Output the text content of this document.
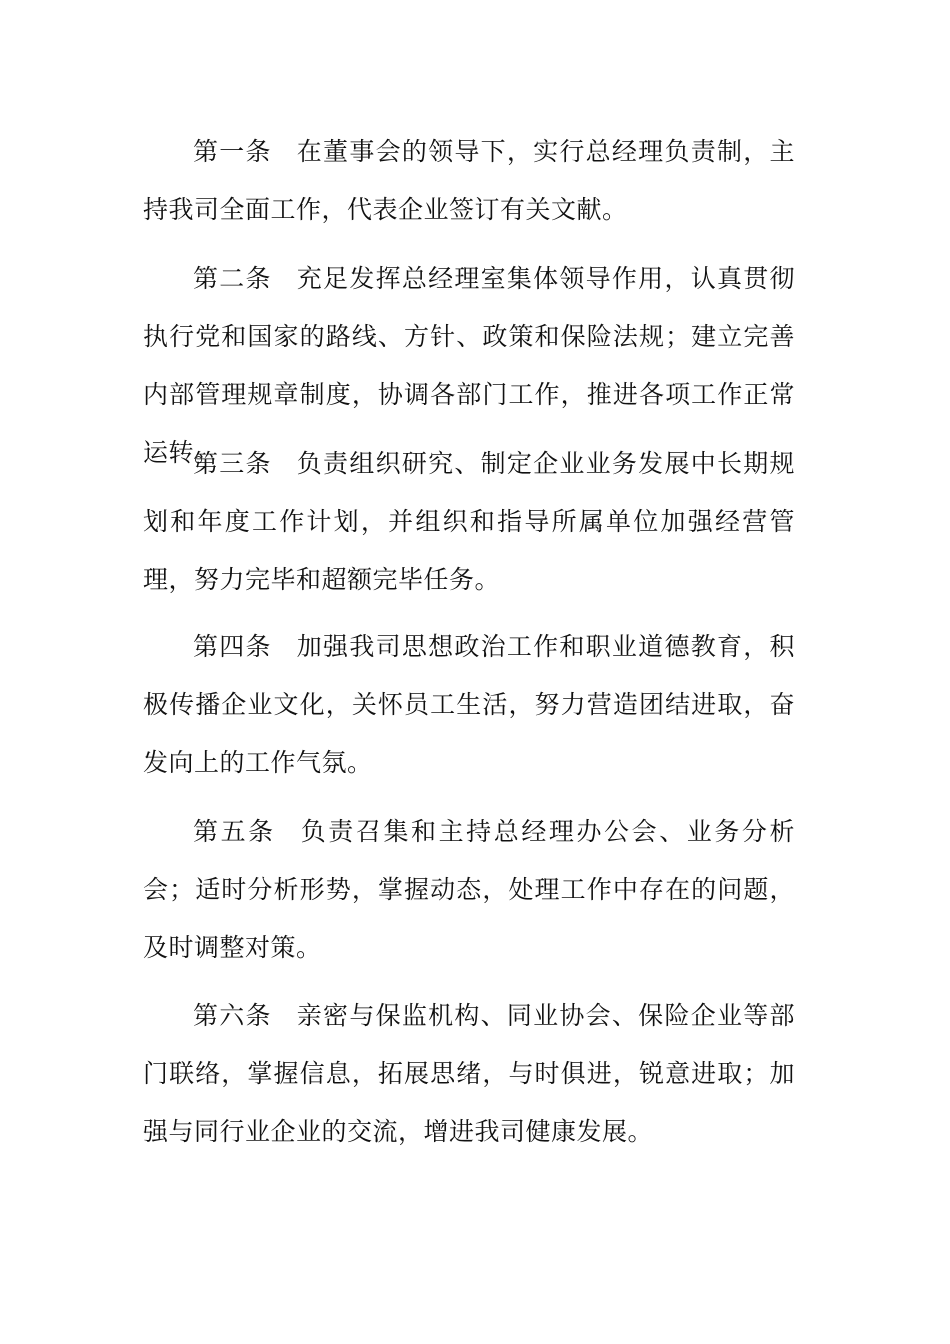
第一条 在董事会的领导下，实行总经理负责制，主持我司全面工作，代表企业签订有关文献。

第二条 充足发挥总经理室集体领导作用，认真贯彻执行党和国家的路线、方针、政策和保险法规；建立完善内部管理规章制度，协调各部门工作，推进各项工作正常运转。

第三条 负责组织研究、制定企业业务发展中长期规划和年度工作计划，并组织和指导所属单位加强经营管理，努力完毕和超额完毕任务。

第四条 加强我司思想政治工作和职业道德教育，积极传播企业文化，关怀员工生活，努力营造团结进取，奋发向上的工作气氛。

第五条 负责召集和主持总经理办公会、业务分析会；适时分析形势，掌握动态，处理工作中存在的问题，及时调整对策。

第六条 亲密与保监机构、同业协会、保险企业等部门联络，掌握信息，拓展思绪，与时俱进，锐意进取；加强与同行业企业的交流，增进我司健康发展。
